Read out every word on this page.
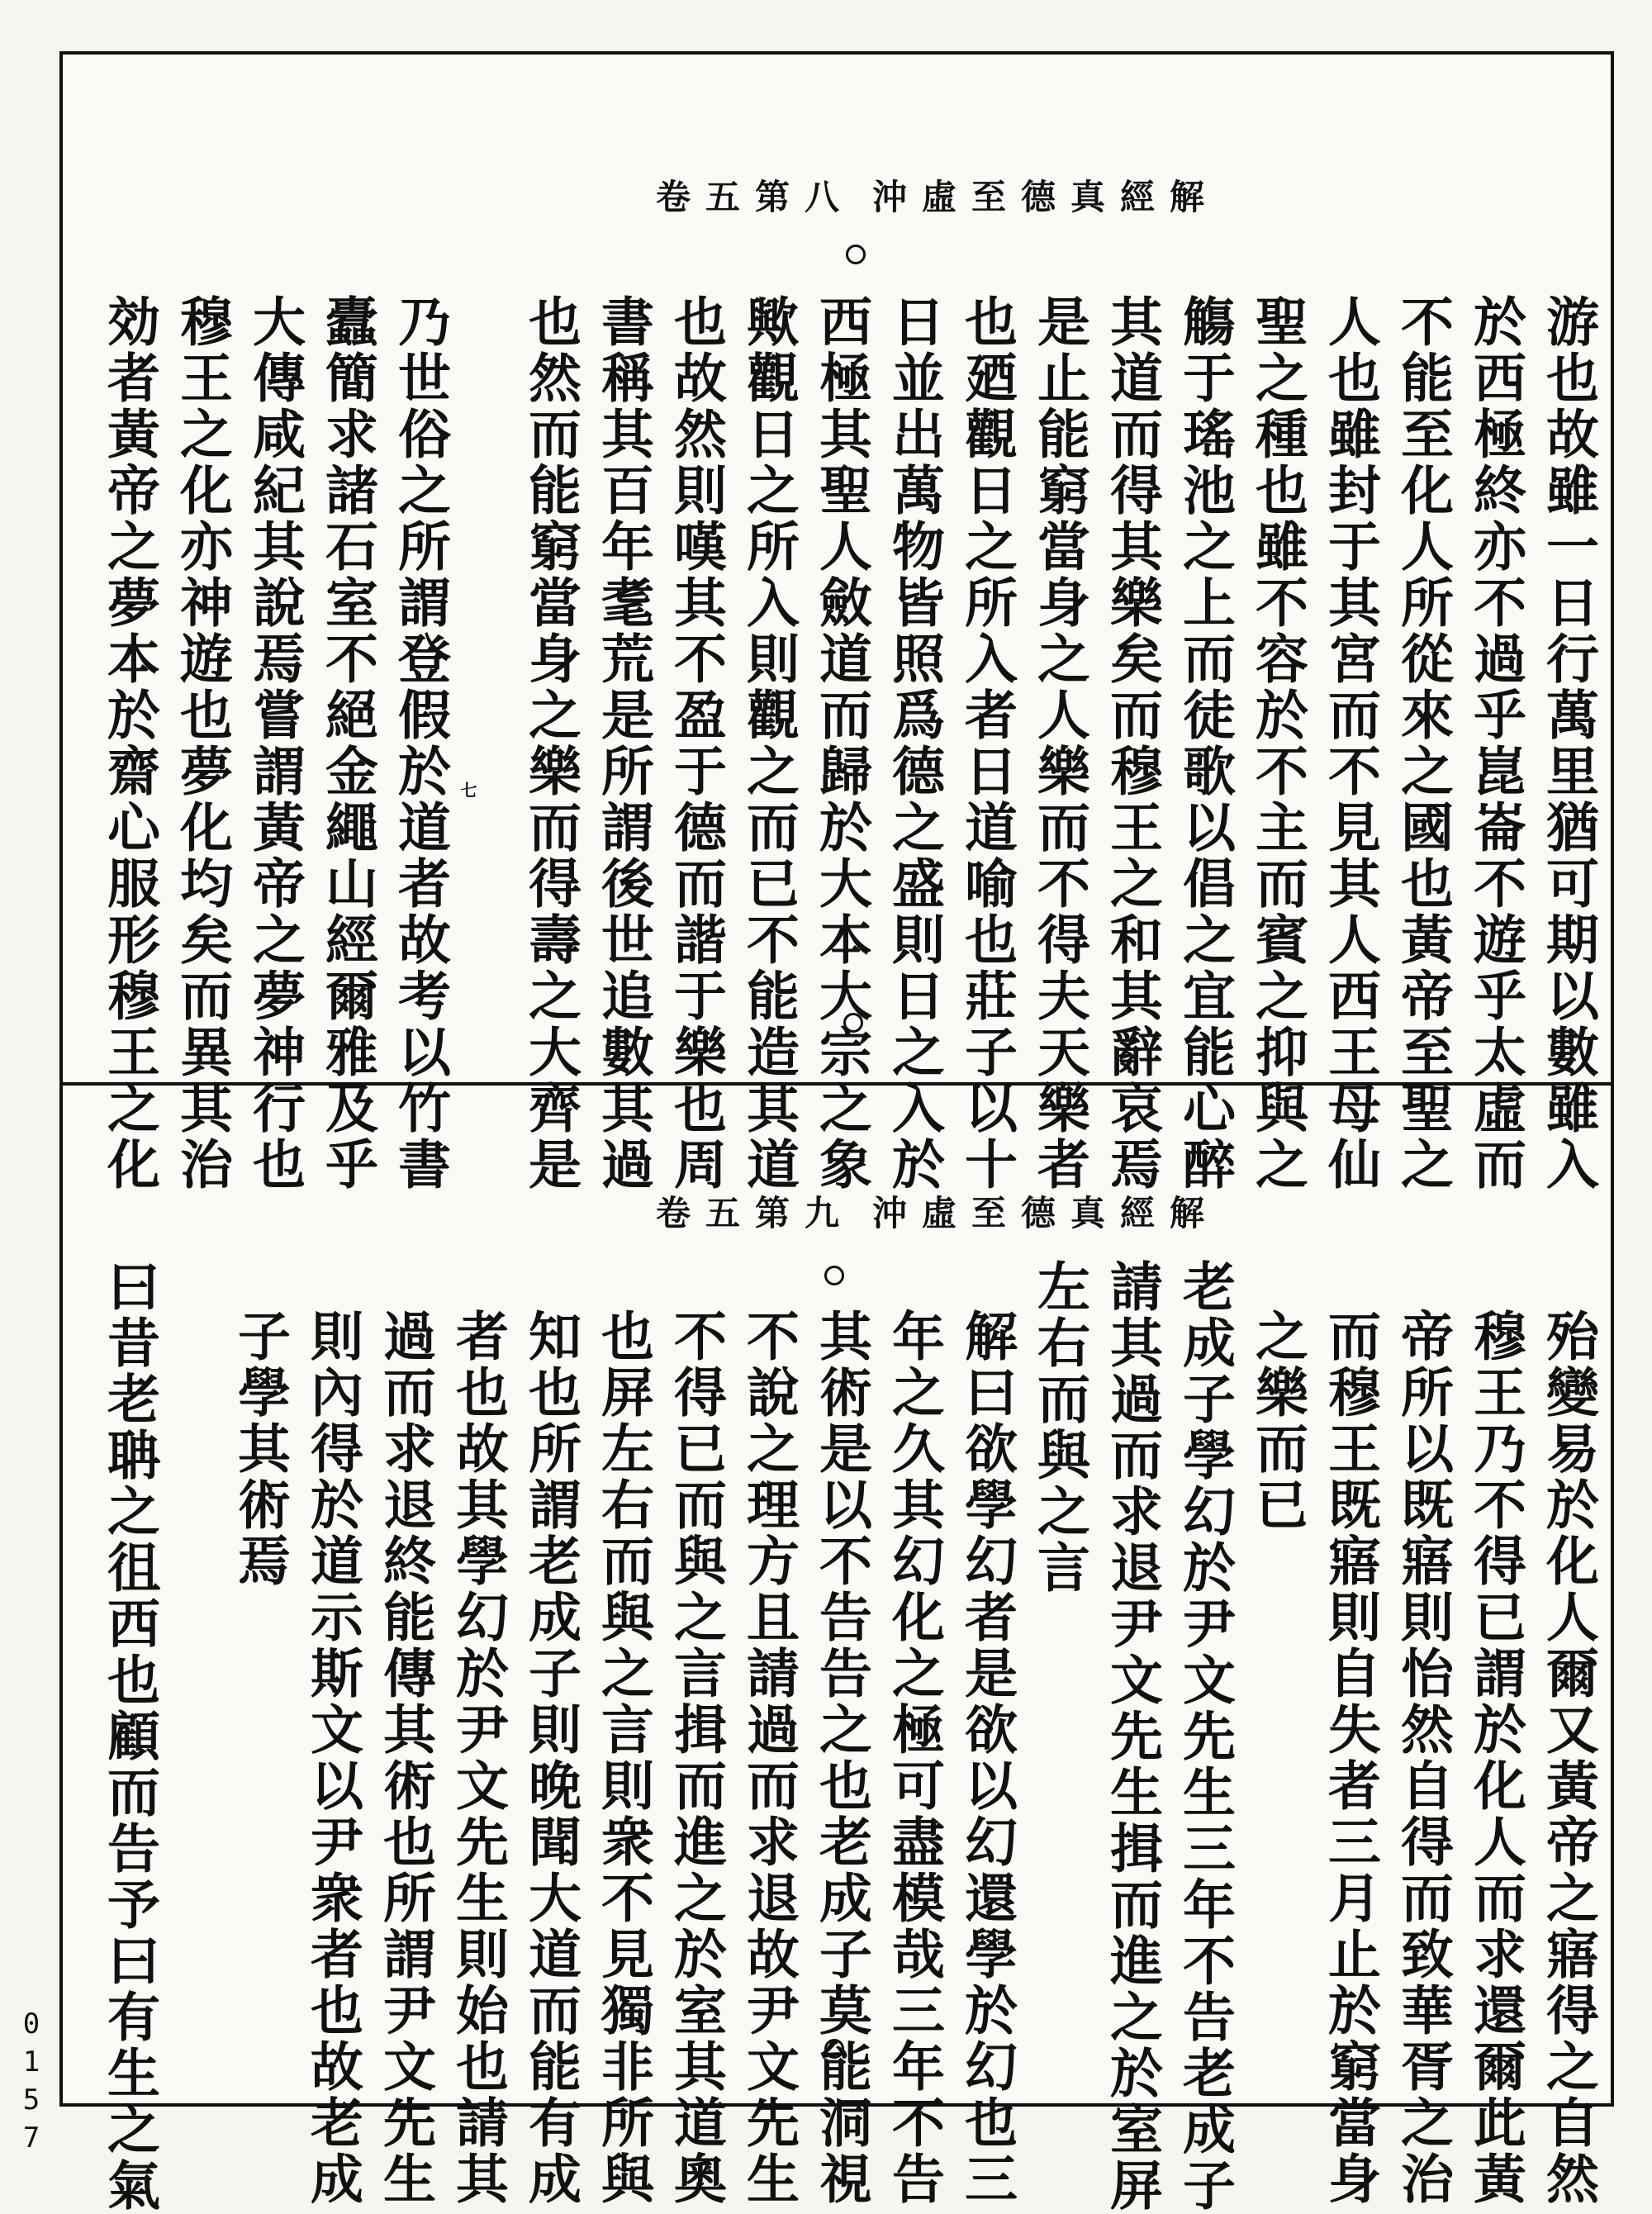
沖虛至德真經解
卷五第八
七	游也故雖一日行萬里猶可期以數雖入
於西極終亦不過乎崑崙不遊乎太虛而
不能至化人所從來之國也黃帝至聖之
人也雖封于其宮而不見其人西王母仙
聖之種也雖不容於不主而賓之抑與之
觴于瑤池之上而徒歌以倡之宜能心醉
其道而得其樂矣而穆王之和其辭哀焉
是止能窮當身之人樂而不得夫天樂者
也廼觀日之所入者日道喻也莊子以十
日並出萬物皆照爲德之盛則日之入於
西極其聖人斂道而歸於大本大宗之象
歟觀日之所入則觀之而已不能造其道
也故然則嘆其不盈于德而諧于樂也周
書稱其百年耄荒是所謂後世追數其過
也然而能窮當身之樂而得壽之大齊是
乃世俗之所謂登假於道者故考以竹書
蠹簡求諸石室不絕金繩山經爾雅及乎
大傳咸紀其說焉嘗謂黃帝之夢神行也
穆王之化亦神遊也夢化均矣而異其治
効者黃帝之夢本於齋心服形穆王之化
沖虛至德真經解
卷五第九
殆變易於化人爾又黃帝之寤得之自然
穆王乃不得已謂於化人而求還爾此黃
帝所以既寤則怡然自得而致華胥之治
而穆王既寤則自失者三月止於窮當身
之樂而已
老成子學幻於尹文先生三年不告老成子
請其過而求退尹文先生揖而進之於室屏
左右而與之言
解曰欲學幻者是欲以幻還學於幻也三
年之久其幻化之極可盡模哉三年不告
其術是以不告告之也老成子莫能洞視
不說之理方且請過而求退故尹文先生
不得已而與之言揖而進之於室其道奧
也屏左右而與之言則衆不見獨非所與
知也所謂老成子則晚聞大道而能有成
者也故其學幻於尹文先生則始也請其
過而求退終能傳其術也所謂尹文先生
則內得於道示斯文以尹衆者也故老成
子學其術焉
曰昔老聃之徂西也顧而告予曰有生之氣
0157
